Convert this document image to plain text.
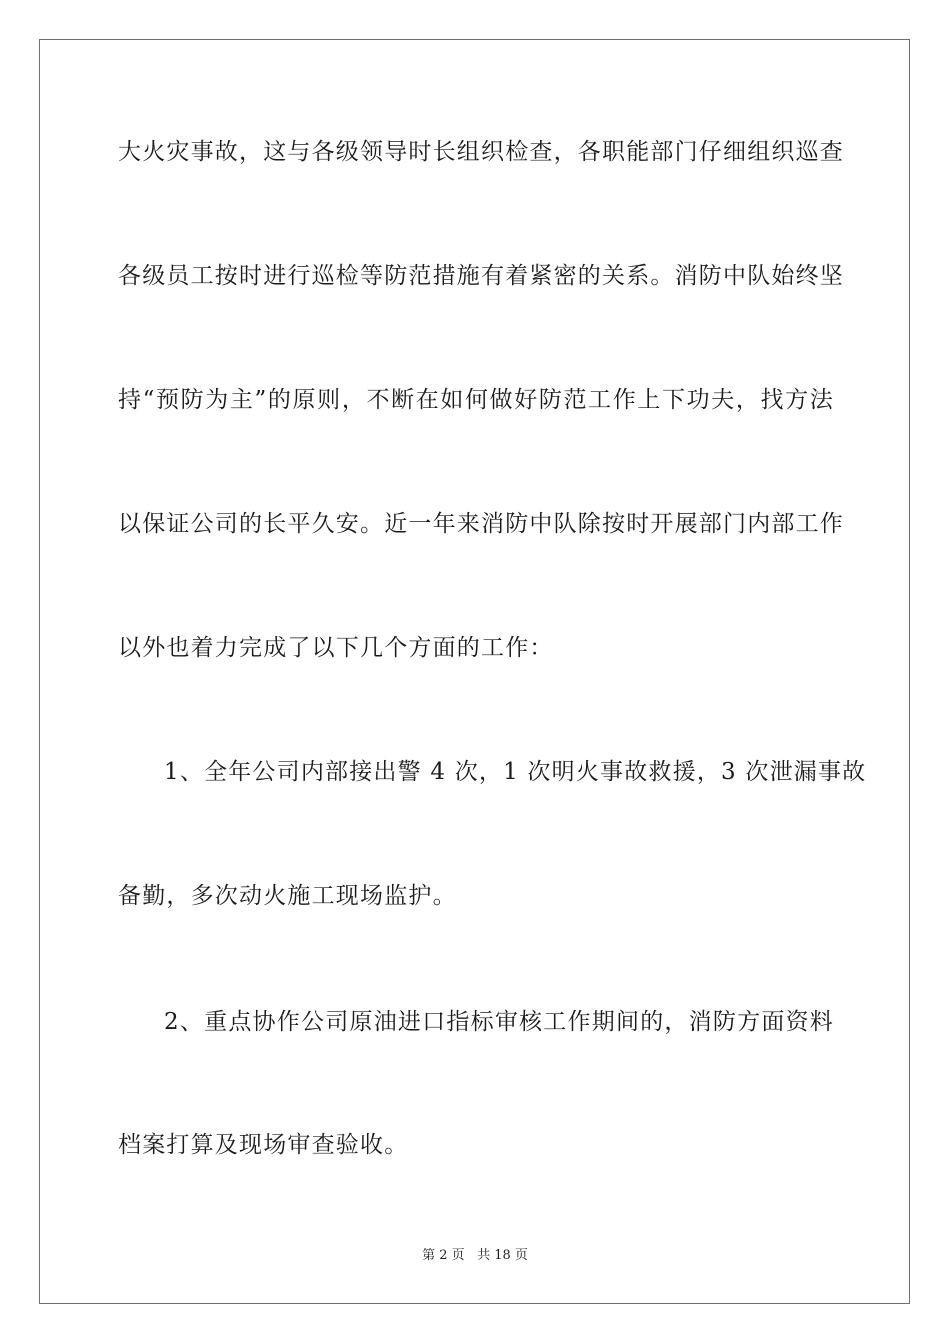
大火灾事故，这与各级领导时长组织检查，各职能部门仔细组织巡查
各级员工按时进行巡检等防范措施有着紧密的关系。消防中队始终坚
持“预防为主”的原则，不断在如何做好防范工作上下功夫，找方法
以保证公司的长平久安。近一年来消防中队除按时开展部门内部工作
以外也着力完成了以下几个方面的工作：
1、全年公司内部接出警 4 次，1 次明火事故救援，3 次泄漏事故
备勤，多次动火施工现场监护。
2、重点协作公司原油进口指标审核工作期间的，消防方面资料
档案打算及现场审查验收。
第 2 页 共 18 页
